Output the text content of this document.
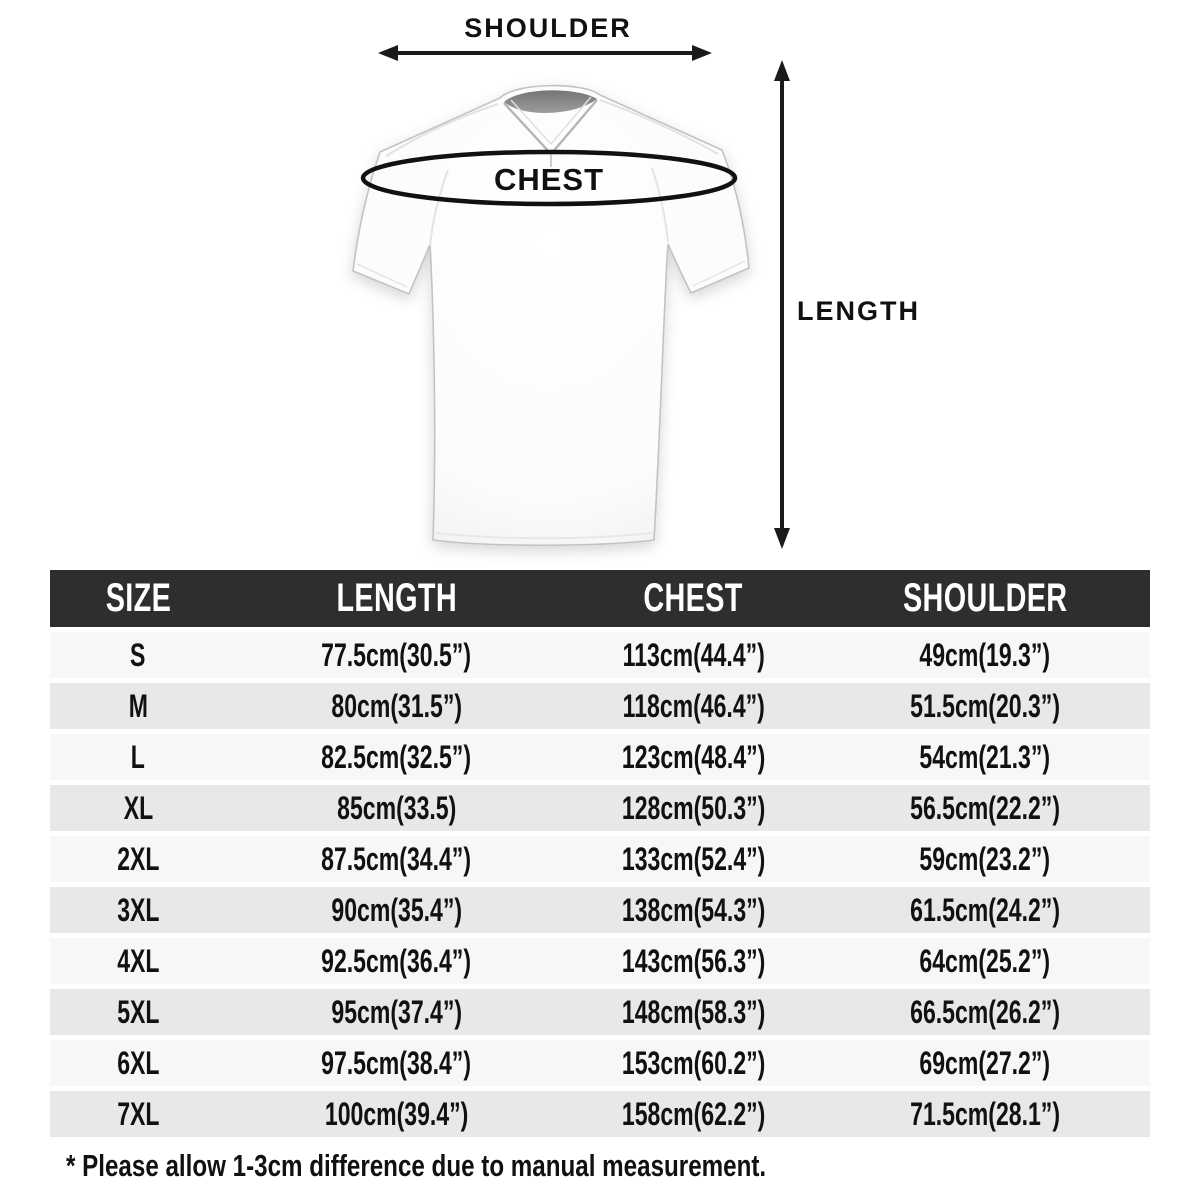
SHOULDER
CHEST
LENGTH
SIZE	LENGTH	CHEST	SHOULDER
S	77.5cm(30.5”)	113cm(44.4”)	49cm(19.3”)
M	80cm(31.5”)	118cm(46.4”)	51.5cm(20.3”)
L	82.5cm(32.5”)	123cm(48.4”)	54cm(21.3”)
XL	85cm(33.5)	128cm(50.3”)	56.5cm(22.2”)
2XL	87.5cm(34.4”)	133cm(52.4”)	59cm(23.2”)
3XL	90cm(35.4”)	138cm(54.3”)	61.5cm(24.2”)
4XL	92.5cm(36.4”)	143cm(56.3”)	64cm(25.2”)
5XL	95cm(37.4”)	148cm(58.3”)	66.5cm(26.2”)
6XL	97.5cm(38.4”)	153cm(60.2”)	69cm(27.2”)
7XL	100cm(39.4”)	158cm(62.2”)	71.5cm(28.1”)
* Please allow 1-3cm difference due to manual measurement.
